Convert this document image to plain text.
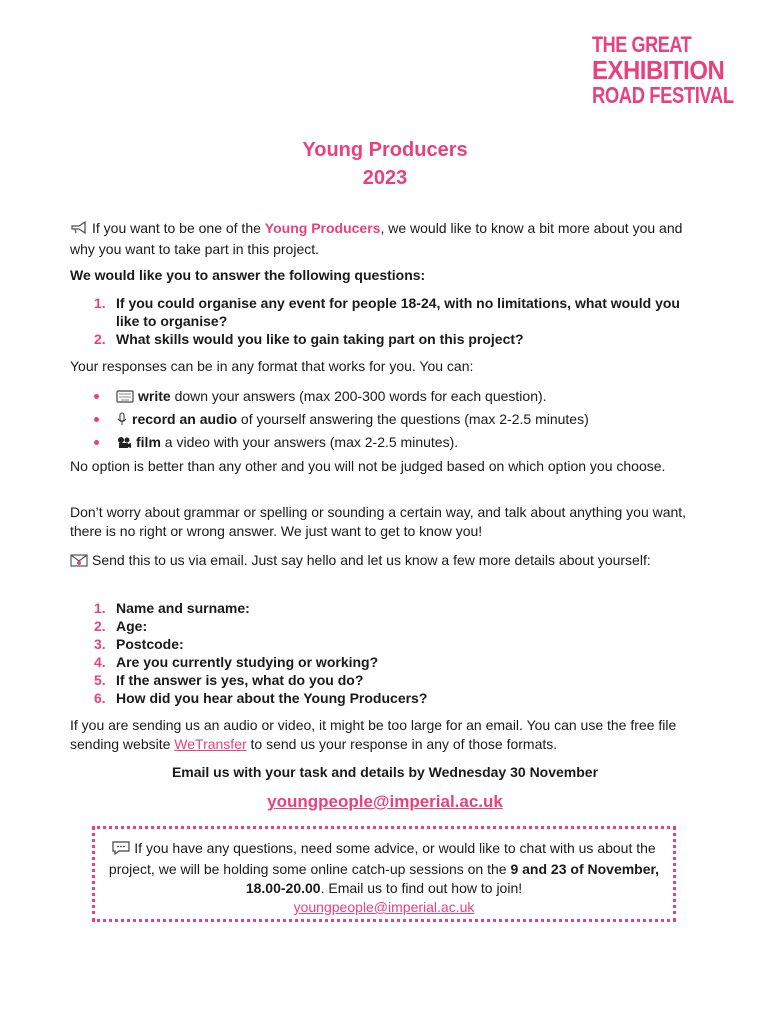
THE GREAT
EXHIBITION
ROAD FESTIVAL
Young Producers
2023
If you want to be one of the Young Producers, we would like to know a bit more about you and why you want to take part in this project.
We would like you to answer the following questions:
1. If you could organise any event for people 18-24, with no limitations, what would you like to organise?
2. What skills would you like to gain taking part on this project?
Your responses can be in any format that works for you. You can:
write down your answers (max 200-300 words for each question).
record an audio of yourself answering the questions (max 2-2.5 minutes)
film a video with your answers (max 2-2.5 minutes).
No option is better than any other and you will not be judged based on which option you choose.
Don’t worry about grammar or spelling or sounding a certain way, and talk about anything you want, there is no right or wrong answer. We just want to get to know you!
Send this to us via email. Just say hello and let us know a few more details about yourself:
1. Name and surname:
2. Age:
3. Postcode:
4. Are you currently studying or working?
5. If the answer is yes, what do you do?
6. How did you hear about the Young Producers?
If you are sending us an audio or video, it might be too large for an email. You can use the free file sending website WeTransfer to send us your response in any of those formats.
Email us with your task and details by Wednesday 30 November
youngpeople@imperial.ac.uk
If you have any questions, need some advice, or would like to chat with us about the project, we will be holding some online catch-up sessions on the 9 and 23 of November, 18.00-20.00. Email us to find out how to join!
youngpeople@imperial.ac.uk
